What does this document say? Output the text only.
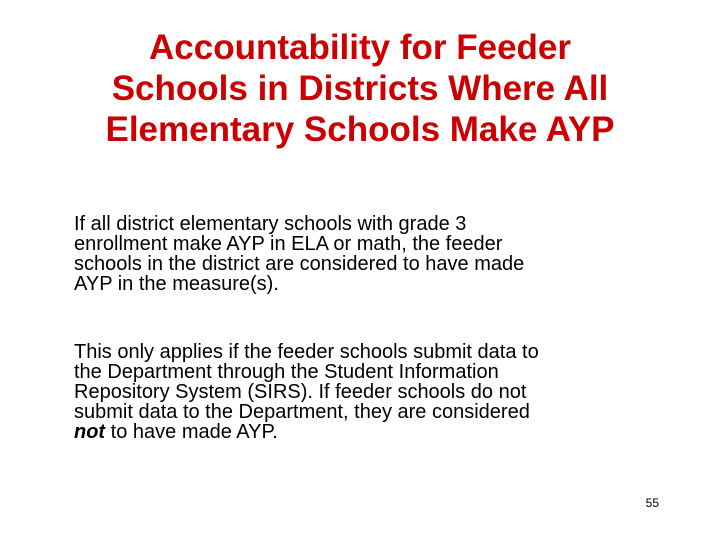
Accountability for Feeder
Schools in Districts Where All
Elementary Schools Make AYP

If all district elementary schools with grade 3
enrollment make AYP in ELA or math, the feeder
schools in the district are considered to have made
AYP in the measure(s).

This only applies if the feeder schools submit data to
the Department through the Student Information
Repository System (SIRS). If feeder schools do not
submit data to the Department, they are considered
not to have made AYP.

55
